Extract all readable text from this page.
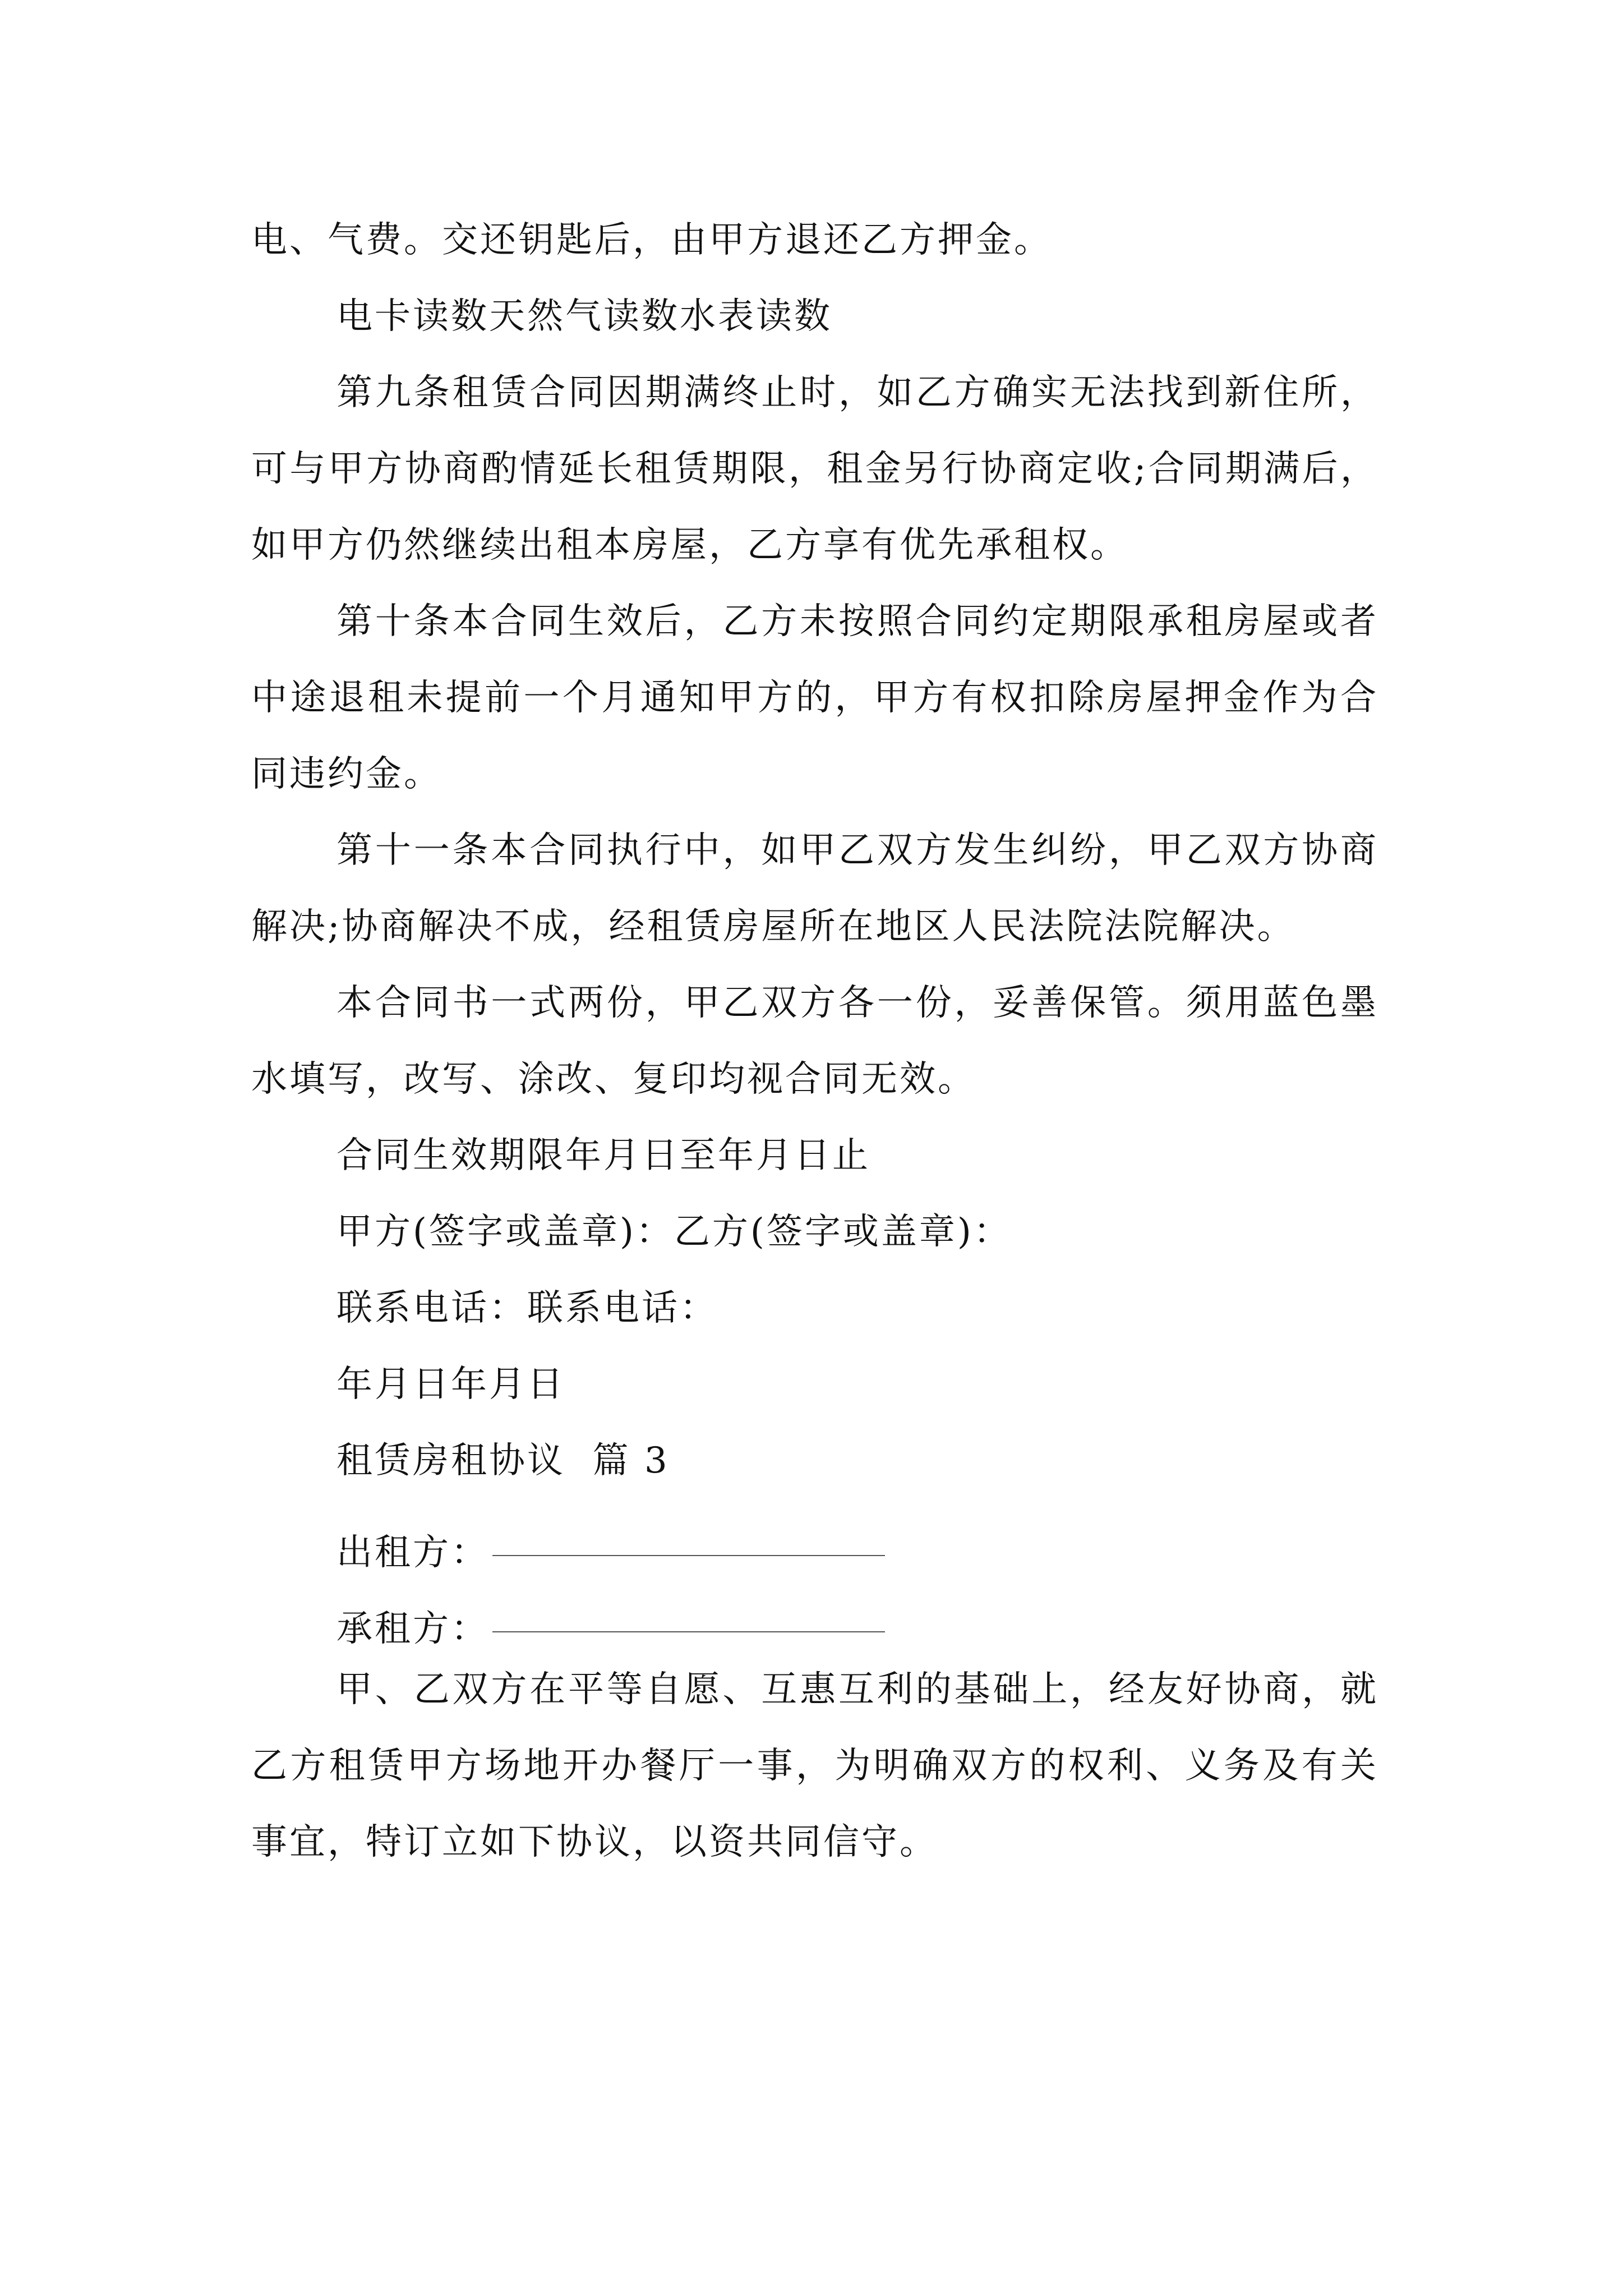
电、气费。交还钥匙后，由甲方退还乙方押金。

电卡读数天然气读数水表读数

第九条租赁合同因期满终止时，如乙方确实无法找到新住所，可与甲方协商酌情延长租赁期限，租金另行协商定收;合同期满后，如甲方仍然继续出租本房屋，乙方享有优先承租权。

第十条本合同生效后，乙方未按照合同约定期限承租房屋或者中途退租未提前一个月通知甲方的，甲方有权扣除房屋押金作为合同违约金。

第十一条本合同执行中，如甲乙双方发生纠纷，甲乙双方协商解决;协商解决不成，经租赁房屋所在地区人民法院法院解决。

本合同书一式两份，甲乙双方各一份，妥善保管。须用蓝色墨水填写，改写、涂改、复印均视合同无效。

合同生效期限年月日至年月日止

甲方(签字或盖章)：乙方(签字或盖章)：

联系电话：联系电话：

年月日年月日

租赁房租协议  篇 3

出租方：
承租方：

甲、乙双方在平等自愿、互惠互利的基础上，经友好协商，就乙方租赁甲方场地开办餐厅一事，为明确双方的权利、义务及有关事宜，特订立如下协议，以资共同信守。
